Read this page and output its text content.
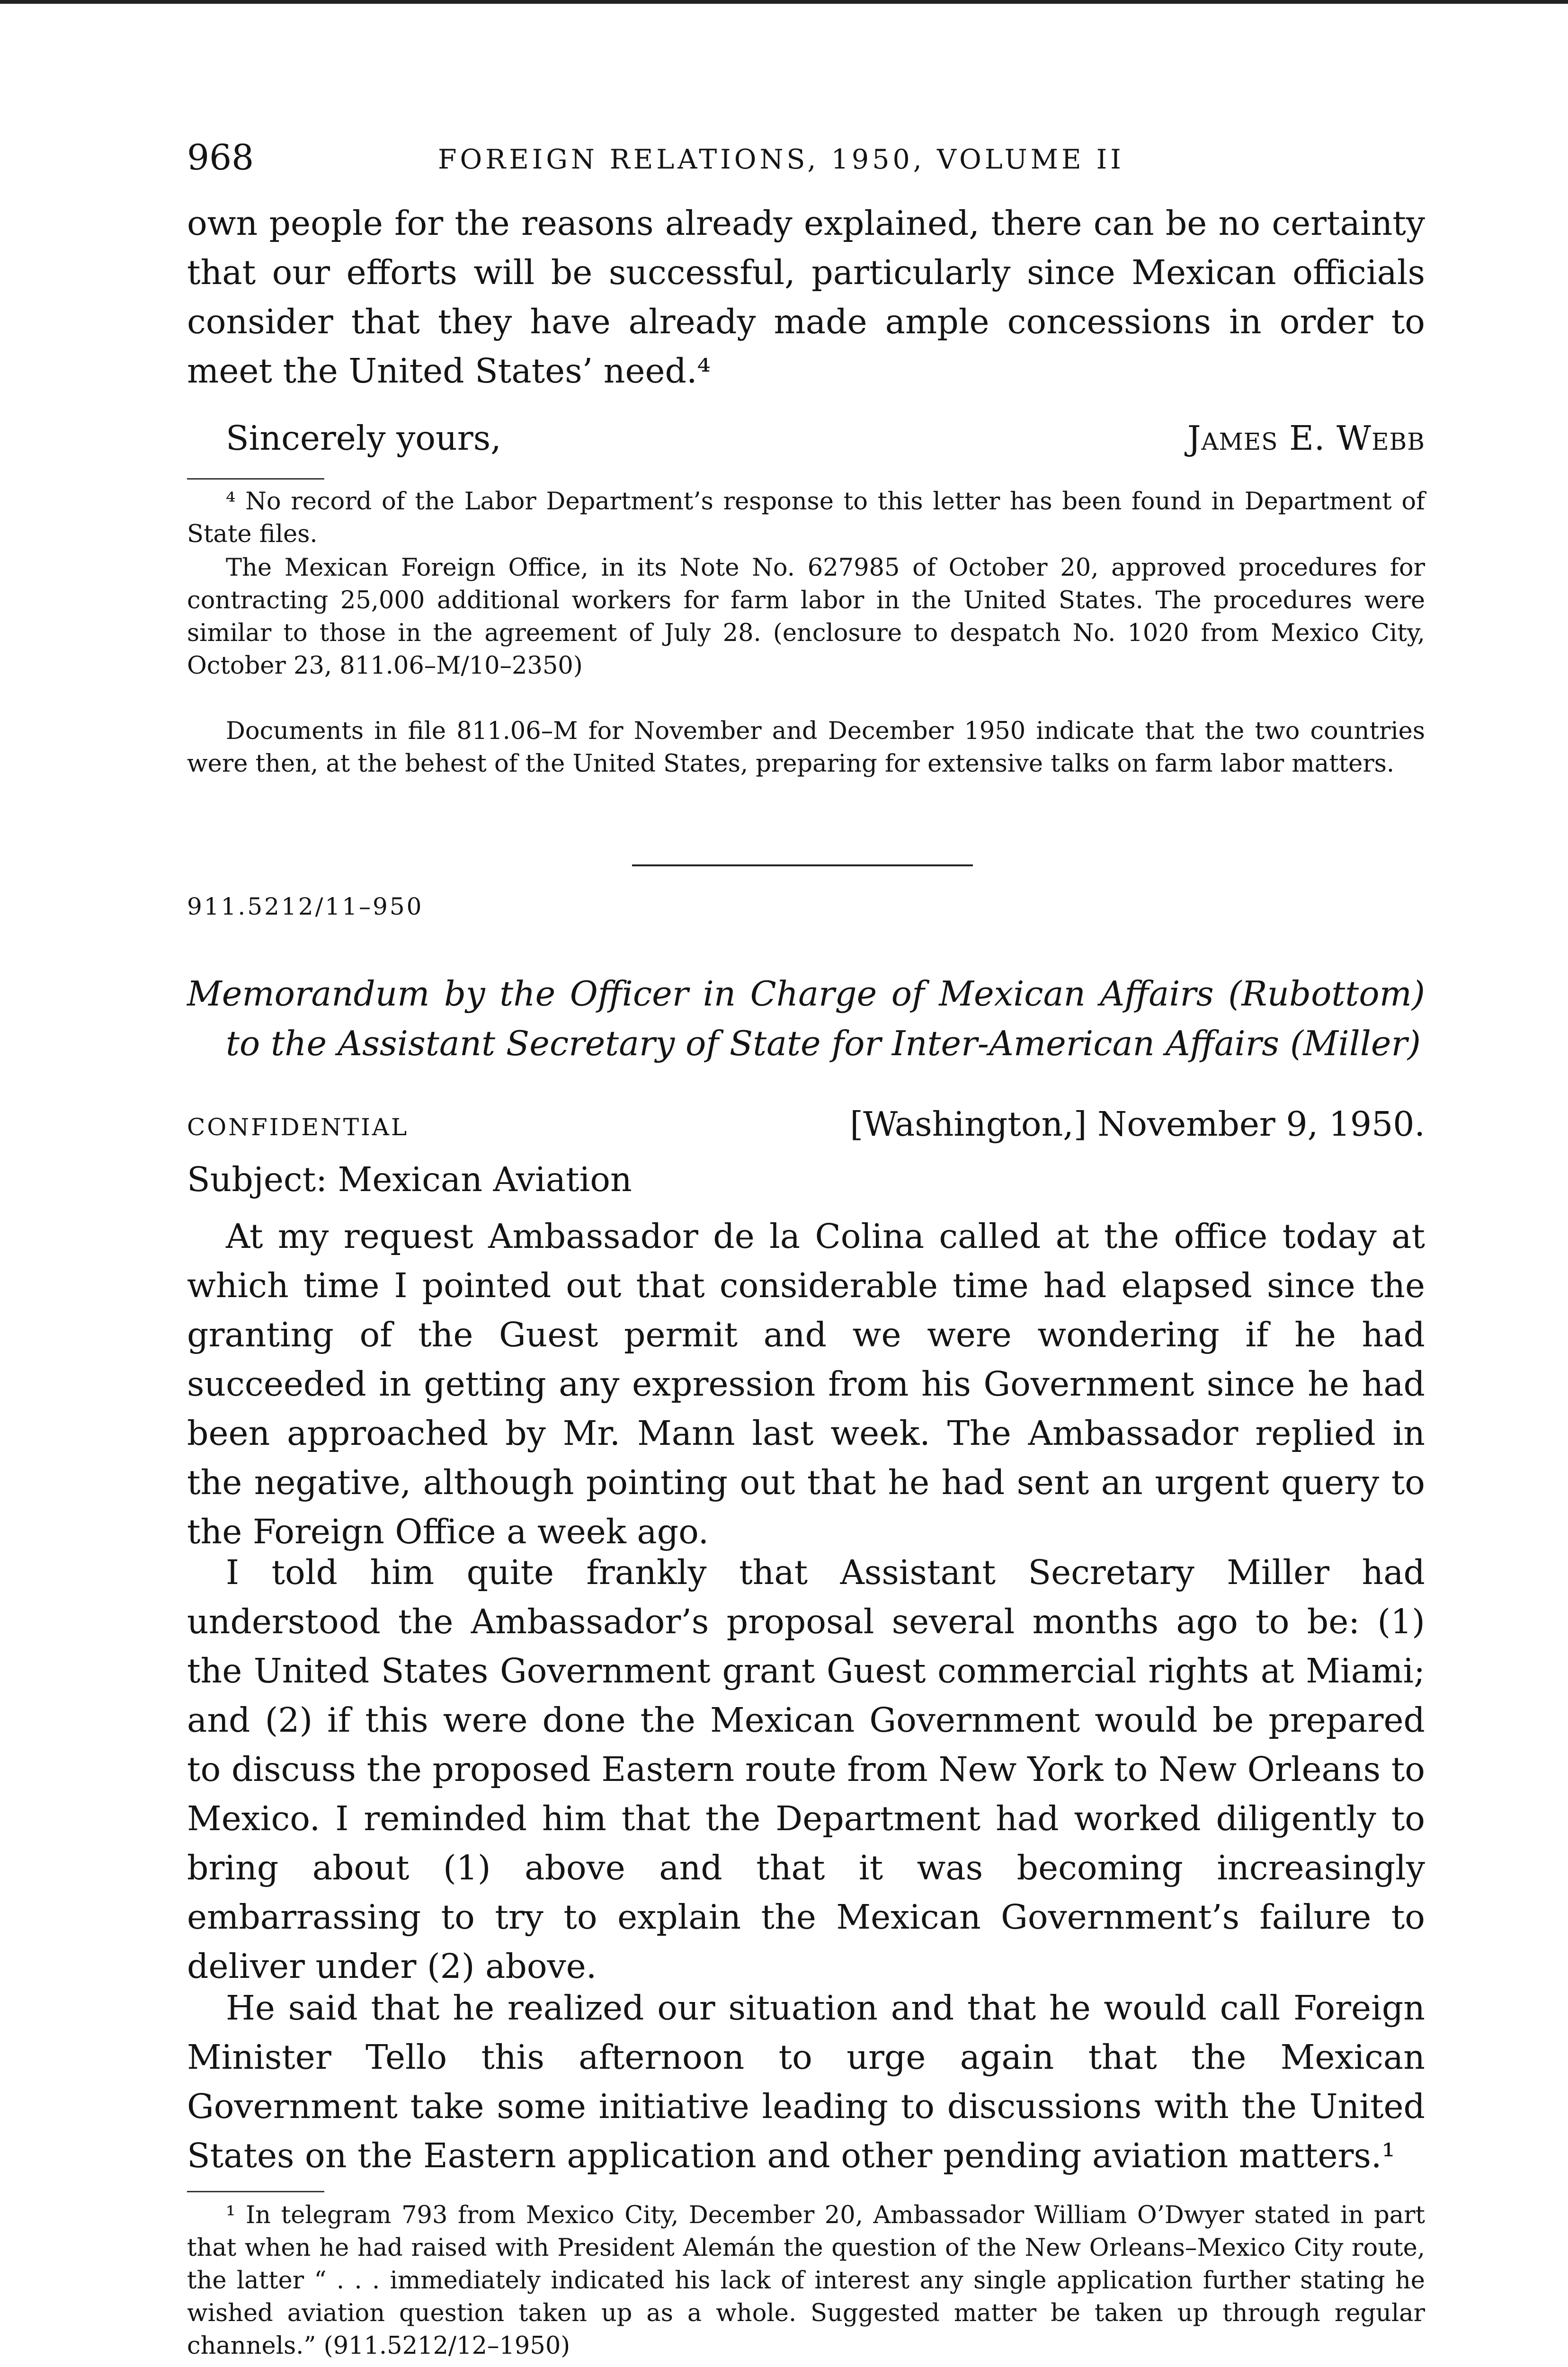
968	FOREIGN RELATIONS, 1950, VOLUME II

own people for the reasons already explained, there can be no certainty that our efforts will be successful, particularly since Mexican officials consider that they have already made ample concessions in order to meet the United States’ need.⁴

Sincerely yours,	James E. Webb

⁴ No record of the Labor Department’s response to this letter has been found in Department of State files.

The Mexican Foreign Office, in its Note No. 627985 of October 20, approved procedures for contracting 25,000 additional workers for farm labor in the United States. The procedures were similar to those in the agreement of July 28. (enclosure to despatch No. 1020 from Mexico City, October 23, 811.06–M/10–2350)

Documents in file 811.06–M for November and December 1950 indicate that the two countries were then, at the behest of the United States, preparing for extensive talks on farm labor matters.

911.5212/11–950

Memorandum by the Officer in Charge of Mexican Affairs (Rubottom) to the Assistant Secretary of State for Inter-American Affairs (Miller)

CONFIDENTIAL	[Washington,] November 9, 1950.
Subject: Mexican Aviation

At my request Ambassador de la Colina called at the office today at which time I pointed out that considerable time had elapsed since the granting of the Guest permit and we were wondering if he had succeeded in getting any expression from his Government since he had been approached by Mr. Mann last week. The Ambassador replied in the negative, although pointing out that he had sent an urgent query to the Foreign Office a week ago.

I told him quite frankly that Assistant Secretary Miller had understood the Ambassador’s proposal several months ago to be: (1) the United States Government grant Guest commercial rights at Miami; and (2) if this were done the Mexican Government would be prepared to discuss the proposed Eastern route from New York to New Orleans to Mexico. I reminded him that the Department had worked diligently to bring about (1) above and that it was becoming increasingly embarrassing to try to explain the Mexican Government’s failure to deliver under (2) above.

He said that he realized our situation and that he would call Foreign Minister Tello this afternoon to urge again that the Mexican Government take some initiative leading to discussions with the United States on the Eastern application and other pending aviation matters.¹

¹ In telegram 793 from Mexico City, December 20, Ambassador William O’Dwyer stated in part that when he had raised with President Alemán the question of the New Orleans–Mexico City route, the latter “ . . . immediately indicated his lack of interest any single application further stating he wished aviation question taken up as a whole. Suggested matter be taken up through regular channels.” (911.5212/12–1950)
